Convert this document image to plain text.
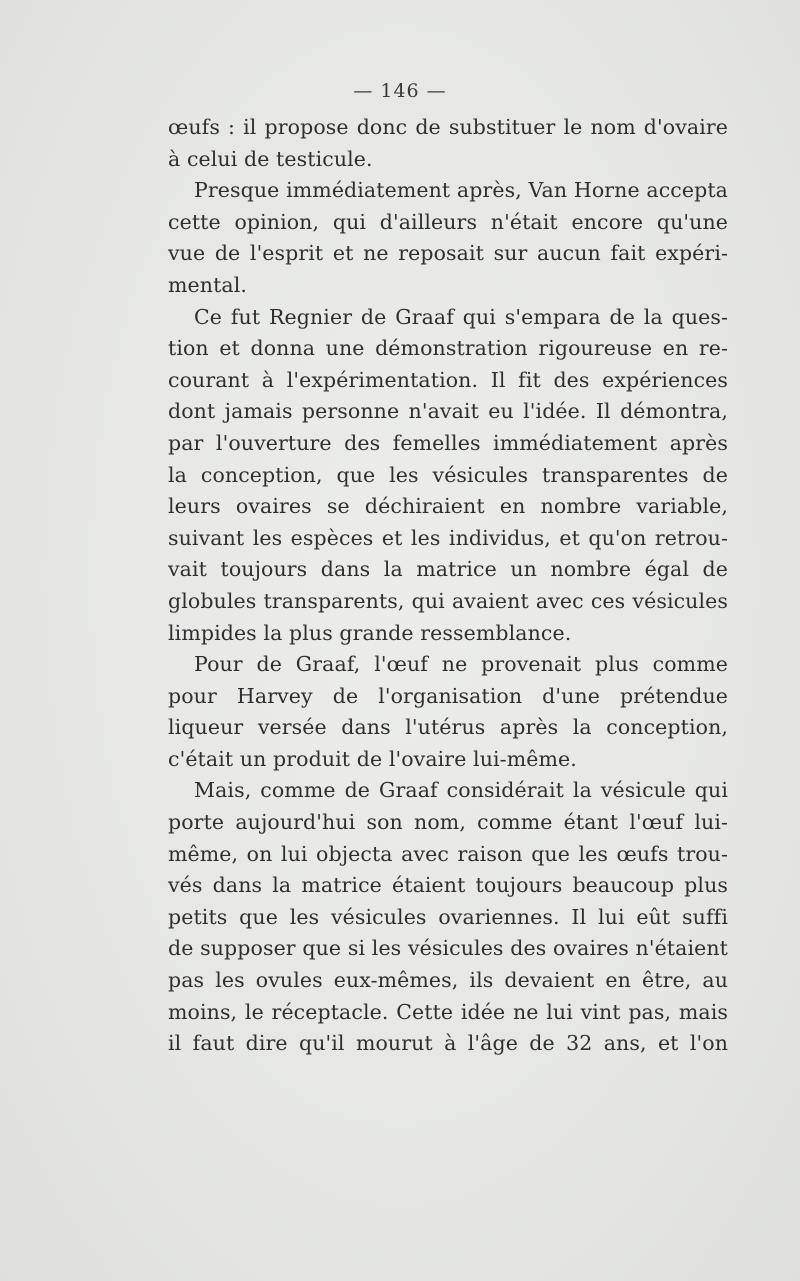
— 146 —
œufs : il propose donc de substituer le nom d'ovaire
à celui de testicule.
Presque immédiatement après, Van Horne accepta
cette opinion, qui d'ailleurs n'était encore qu'une
vue de l'esprit et ne reposait sur aucun fait expéri-
mental.
Ce fut Regnier de Graaf qui s'empara de la ques-
tion et donna une démonstration rigoureuse en re-
courant à l'expérimentation. Il fit des expériences
dont jamais personne n'avait eu l'idée. Il démontra,
par l'ouverture des femelles immédiatement après
la conception, que les vésicules transparentes de
leurs ovaires se déchiraient en nombre variable,
suivant les espèces et les individus, et qu'on retrou-
vait toujours dans la matrice un nombre égal de
globules transparents, qui avaient avec ces vésicules
limpides la plus grande ressemblance.
Pour de Graaf, l'œuf ne provenait plus comme
pour Harvey de l'organisation d'une prétendue
liqueur versée dans l'utérus après la conception,
c'était un produit de l'ovaire lui-même.
Mais, comme de Graaf considérait la vésicule qui
porte aujourd'hui son nom, comme étant l'œuf lui-
même, on lui objecta avec raison que les œufs trou-
vés dans la matrice étaient toujours beaucoup plus
petits que les vésicules ovariennes. Il lui eût suffi
de supposer que si les vésicules des ovaires n'étaient
pas les ovules eux-mêmes, ils devaient en être, au
moins, le réceptacle. Cette idée ne lui vint pas, mais
il faut dire qu'il mourut à l'âge de 32 ans, et l'on
